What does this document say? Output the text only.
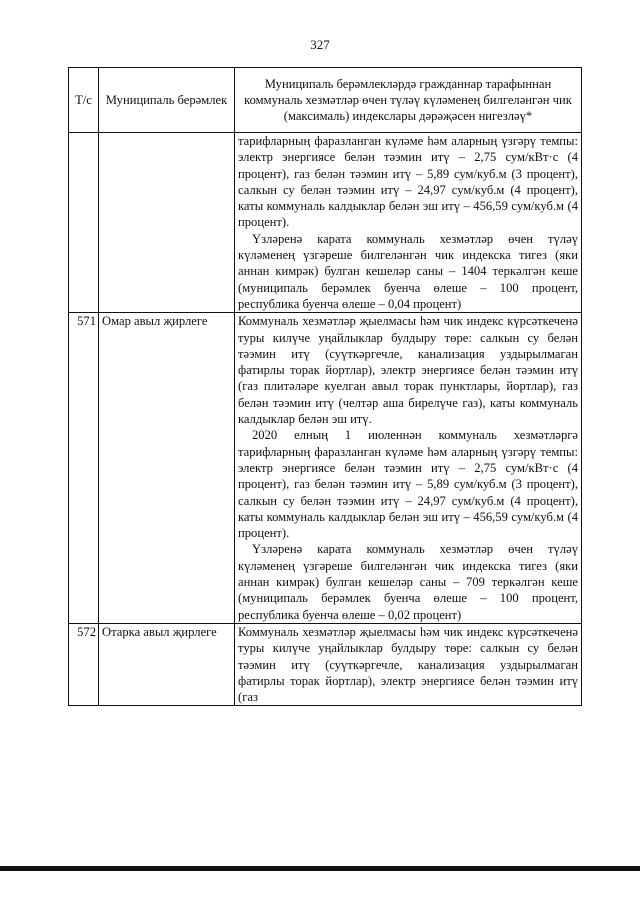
327
Т/с	Муниципаль берәмлек	Муниципаль берәмлекләрдә гражданнар тарафыннан коммуналь хезмәтләр өчен түләү күләменең билгеләнгән чик (максималь) индекслары дәрәҗәсен нигезләү*

		тарифларның фаразланган күләме һәм аларның үзгәрү темпы: электр энергиясе белән тәэмин итү – 2,75 сум/кВт·с (4 процент), газ белән тәэмин итү – 5,89 сум/куб.м (3 процент), салкын су белән тәэмин итү – 24,97 сум/куб.м (4 процент), каты коммуналь калдыклар белән эш итү – 456,59 сум/куб.м (4 процент).

Үзләренә карата коммуналь хезмәтләр өчен түләү күләменең үзгәреше билгеләнгән чик индекска тигез (яки аннан кимрәк) булган кешеләр саны – 1404 теркәлгән кеше (муниципаль берәмлек буенча өлеше – 100 процент, республика буенча өлеше – 0,04 процент)

571	Омар авыл җирлеге	Коммуналь хезмәтләр җыелмасы һәм чик индекс күрсәткеченә туры килүче уңайлыклар булдыру төре: салкын су белән тәэмин итү (суүткәргечле, канализация уздырылмаган фатирлы торак йортлар), электр энергиясе белән тәэмин итү (газ плитәләре куелган авыл торак пунктлары, йортлар), газ белән тәэмин итү (челтәр аша бирелүче газ), каты коммуналь калдыклар белән эш итү.

2020 елның 1 июленнән коммуналь хезмәтләргә тарифларның фаразланган күләме һәм аларның үзгәрү темпы: электр энергиясе белән тәэмин итү – 2,75 сум/кВт·с (4 процент), газ белән тәэмин итү – 5,89 сум/куб.м (3 процент), салкын су белән тәэмин итү – 24,97 сум/куб.м (4 процент), каты коммуналь калдыклар белән эш итү – 456,59 сум/куб.м (4 процент).

Үзләренә карата коммуналь хезмәтләр өчен түләү күләменең үзгәреше билгеләнгән чик индекска тигез (яки аннан кимрәк) булган кешеләр саны – 709 теркәлгән кеше (муниципаль берәмлек буенча өлеше – 100 процент, республика буенча өлеше – 0,02 процент)

572	Отарка авыл җирлеге	Коммуналь хезмәтләр җыелмасы һәм чик индекс күрсәткеченә туры килүче уңайлыклар булдыру төре: салкын су белән тәэмин итү (суүткәргечле, канализация уздырылмаган фатирлы торак йортлар), электр энергиясе белән тәэмин итү (газ
